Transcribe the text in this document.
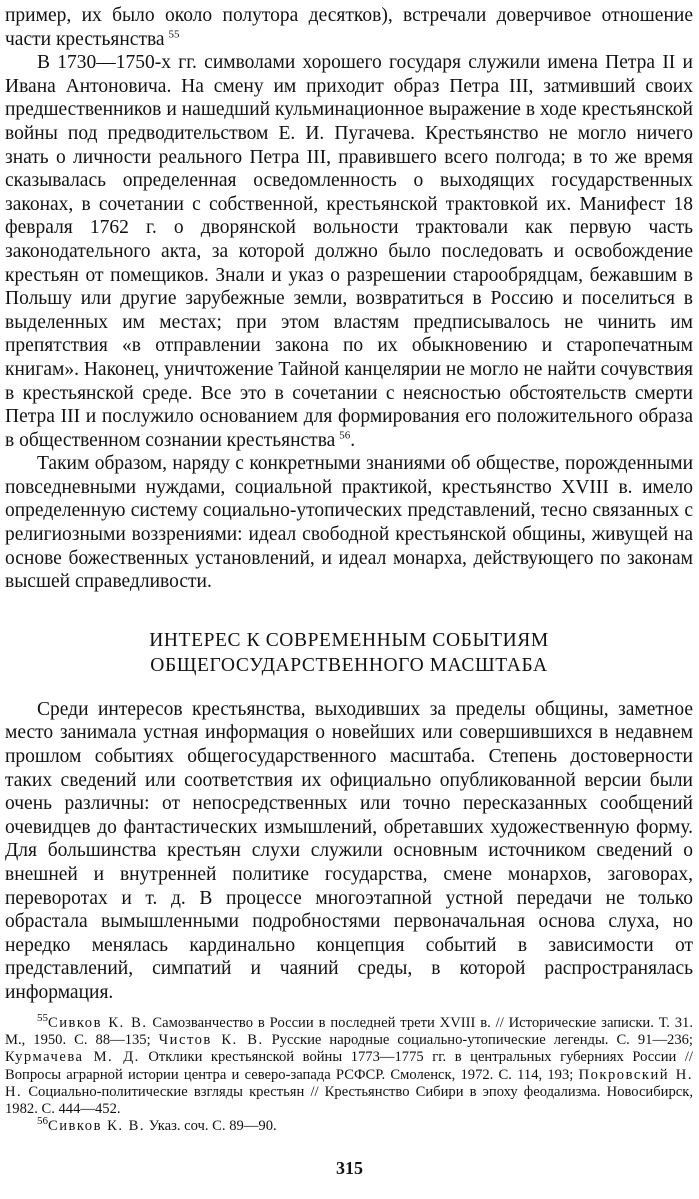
пример, их было около полутора десятков), встречали доверчивое отношение части крестьянства  $^{55}$

В 1730—1750-х гг. символами хорошего государя служили имена Петра II и Ивана Антоновича. На смену им приходит образ Петра III, затмивший своих предшественников и нашедший кульминационное выражение в ходе крестьянской войны под предводительством Е. И. Пугачева. Крестьянство не могло ничего знать о личности реального Петра III, правившего всего полгода; в то же время сказывалась определенная осведомленность о выходящих государственных законах, в сочетании с собственной, крестьянской трактовкой их. Манифест 18 февраля 1762 г. о дворянской вольности трактовали как первую часть законодательного акта, за которой должно было последовать и освобождение крестьян от помещиков. Знали и указ о разрешении старообрядцам, бежавшим в Польшу или другие зарубежные земли, возвратиться в Россию и поселиться в выделенных им местах; при этом властям предписывалось не чинить им препятствия «в отправлении закона по их обыкновению и старопечатным книгам». Наконец, уничтожение Тайной канцелярии не могло не найти сочувствия в крестьянской среде. Все это в сочетании с неясностью обстоятельств смерти Петра III и послужило основанием для формирования его положительного образа в общественном сознании крестьянства  $^{56}$.

Таким образом, наряду с конкретными знаниями об обществе, порожденными повседневными нуждами, социальной практикой, крестьянство XVIII в. имело определенную систему социально-утопических представлений, тесно связанных с религиозными воззрениями: идеал свободной крестьянской общины, живущей на основе божественных установлений, и идеал монарха, действующего по законам высшей справедливости.

ИНТЕРЕС К СОВРЕМЕННЫМ СОБЫТИЯМ
ОБЩЕГОСУДАРСТВЕННОГО МАСШТАБА

Среди интересов крестьянства, выходивших за пределы общины, заметное место занимала устная информация о новейших или совершившихся в недавнем прошлом событиях общегосударственного масштаба. Степень достоверности таких сведений или соответствия их официально опубликованной версии были очень различны: от непосредственных или точно пересказанных сообщений очевидцев до фантастических измышлений, обретавших художественную форму. Для большинства крестьян слухи служили основным источником сведений о внешней и внутренней политике государства, смене монархов, заговорах, переворотах и т. д. В процессе многоэтапной устной передачи не только обрастала вымышленными подробностями первоначальная основа слуха, но нередко менялась кардинально концепция событий в зависимости от представлений, симпатий и чаяний среды, в которой распространялась информация.

$^{55}$Сивков К. В. Самозванчество в России в последней трети XVIII в. // Исторические записки. Т. 31. М., 1950. С. 88—135; Чистов К. В. Русские народные социально-утопические легенды. С. 91—236; Курмачева М. Д. Отклики крестьянской войны 1773—1775 гг. в центральных губерниях России // Вопросы аграрной истории центра и северо-запада РСФСР. Смоленск, 1972. С. 114, 193; Покровский Н. Н. Социально-политические взгляды крестьян // Крестьянство Сибири в эпоху феодализма. Новосибирск, 1982. С. 444—452.

$^{56}$Сивков К. В. Указ. соч. С. 89—90.

315
